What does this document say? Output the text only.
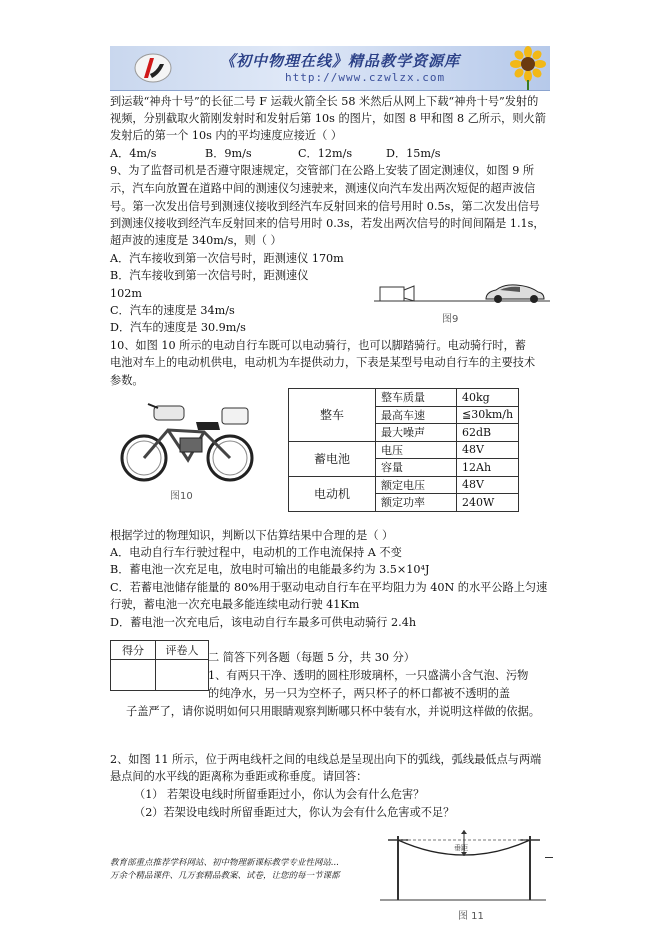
《初中物理在线》精品教学资源库
http://www.czwlzx.com
到运载“神舟十号”的长征二号 F 运载火箭全长 58 米然后从网上下载“神舟十号”发射的
视频，分别截取火箭刚发射时和发射后第 10s 的图片，如图 8 甲和图 8 乙所示，则火箭
发射后的第一个 10s 内的平均速度应接近（ ）
A．4m/s	B．9m/s	C．12m/s	D．15m/s
9、为了监督司机是否遵守限速规定，交管部门在公路上安装了固定测速仪，如图 9 所
示，汽车向放置在道路中间的测速仪匀速驶来，测速仪向汽车发出两次短促的超声波信
号。第一次发出信号到测速仪接收到经汽车反射回来的信号用时 0.5s，第二次发出信号
到测速仪接收到经汽车反射回来的信号用时 0.3s，若发出两次信号的时间间隔是 1.1s，
超声波的速度是 340m/s，则（ ）
A．汽车接收到第一次信号时，距测速仪 170m
B．汽车接收到第一次信号时，距测速仪
102m
C．汽车的速度是 34m/s
D．汽车的速度是 30.9m/s
图9
10、如图 10 所示的电动自行车既可以电动骑行，也可以脚踏骑行。电动骑行时，蓄
电池对车上的电动机供电，电动机为车提供动力，下表是某型号电动自行车的主要技术
参数。
图10
整车	整车质量	40kg
	最高车速	≦30km/h
	最大噪声	62dB
蓄电池	电压	48V
	容量	12Ah
电动机	额定电压	48V
	额定功率	240W
根据学过的物理知识，判断以下估算结果中合理的是（ ）
A．电动自行车行驶过程中，电动机的工作电流保持 A 不变
B．蓄电池一次充足电，放电时可输出的电能最多约为 3.5×10⁴J
C．若蓄电池储存能量的 80%用于驱动电动自行车在平均阻力为 40N 的水平公路上匀速
行驶，蓄电池一次充电最多能连续电动行驶 41Km
D．蓄电池一次充电后，该电动自行车最多可供电动骑行 2.4h
得分	评卷人

二 简答下列各题（每题 5 分，共 30 分）
1、有两只干净、透明的圆柱形玻璃杯，一只盛满小含气泡、污物
的纯净水，另一只为空杯子，两只杯子的杯口都被不透明的盖
子盖严了，请你说明如何只用眼睛观察判断哪只杯中装有水，并说明这样做的依据。
2、如图 11 所示，位于两电线杆之间的电线总是呈现出向下的弧线，弧线最低点与两端
悬点间的水平线的距离称为垂距或称垂度。请回答：
（1） 若架设电线时所留垂距过小，你认为会有什么危害？
（2）若架设电线时所留垂距过大，你认为会有什么危害或不足？
垂距
图 11
教育部重点推荐学科网站、初中物理新课标教学专业性网站...
万余个精品课件、几万套精品教案、试卷，让您的每一节课都
